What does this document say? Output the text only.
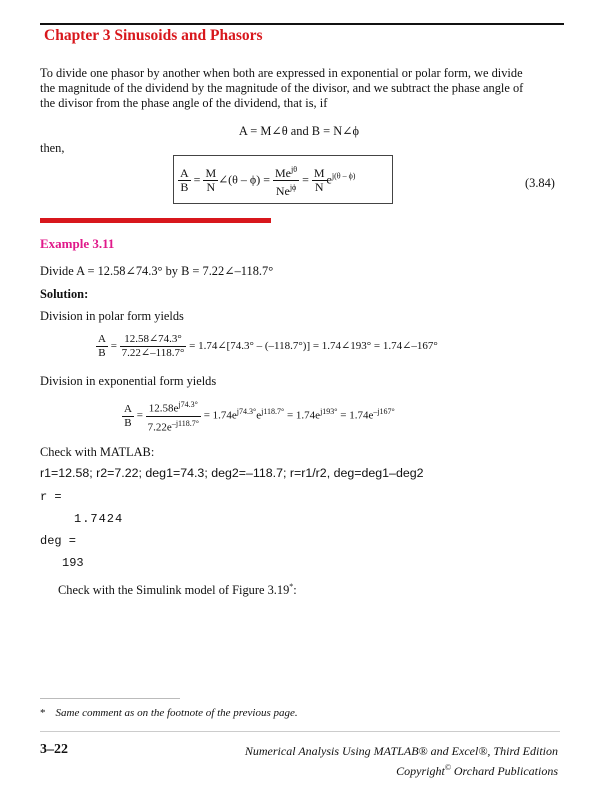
Chapter 3 Sinusoids and Phasors
To divide one phasor by another when both are expressed in exponential or polar form, we divide
the magnitude of the dividend by the magnitude of the divisor, and we subtract the phase angle of
the divisor from the phase angle of the dividend, that is, if
A = M∠θ and B = N∠ϕ
then,
$\frac{A}{B} = \frac{M}{N}$ ∠(θ – $\phi) = \frac{Me^{j\theta}}{Ne^{j\phi}} = \frac{M}{N} e^{j(\theta - \phi)}$
(3.84)
Example 3.11
Divide A = 12.58∠74.3° by B = 7.22∠–118.7°
Solution:
Division in polar form yields
$\frac{A}{B} = \frac{12.58\angle 74.3^\circ}{7.22\angle-118.7^\circ}$ = 1.74∠[74.3° – (–118.7°)] = 1.74∠193° = 1.74∠–167°
Division in exponential form yields
$\frac{A}{B} = \frac{12.58e^{j74.3^\circ}}{7.22e^{-j118.7^\circ}} = 1.74e^{j74.3^\circ}e^{j118.7^\circ} = 1.74e^{j193^\circ} = 1.74e^{-j167^\circ}$
Check with MATLAB:
r1=12.58; r2=7.22; deg1=74.3; deg2=–118.7; r=r1/r2, deg=deg1–deg2
r =
1.7424
deg =
193
Check with the Simulink model of Figure 3.19*:
* Same comment as on the footnote of the previous page.
3–22	Numerical Analysis Using MATLAB® and Excel®, Third Edition
Copyright© Orchard Publications
